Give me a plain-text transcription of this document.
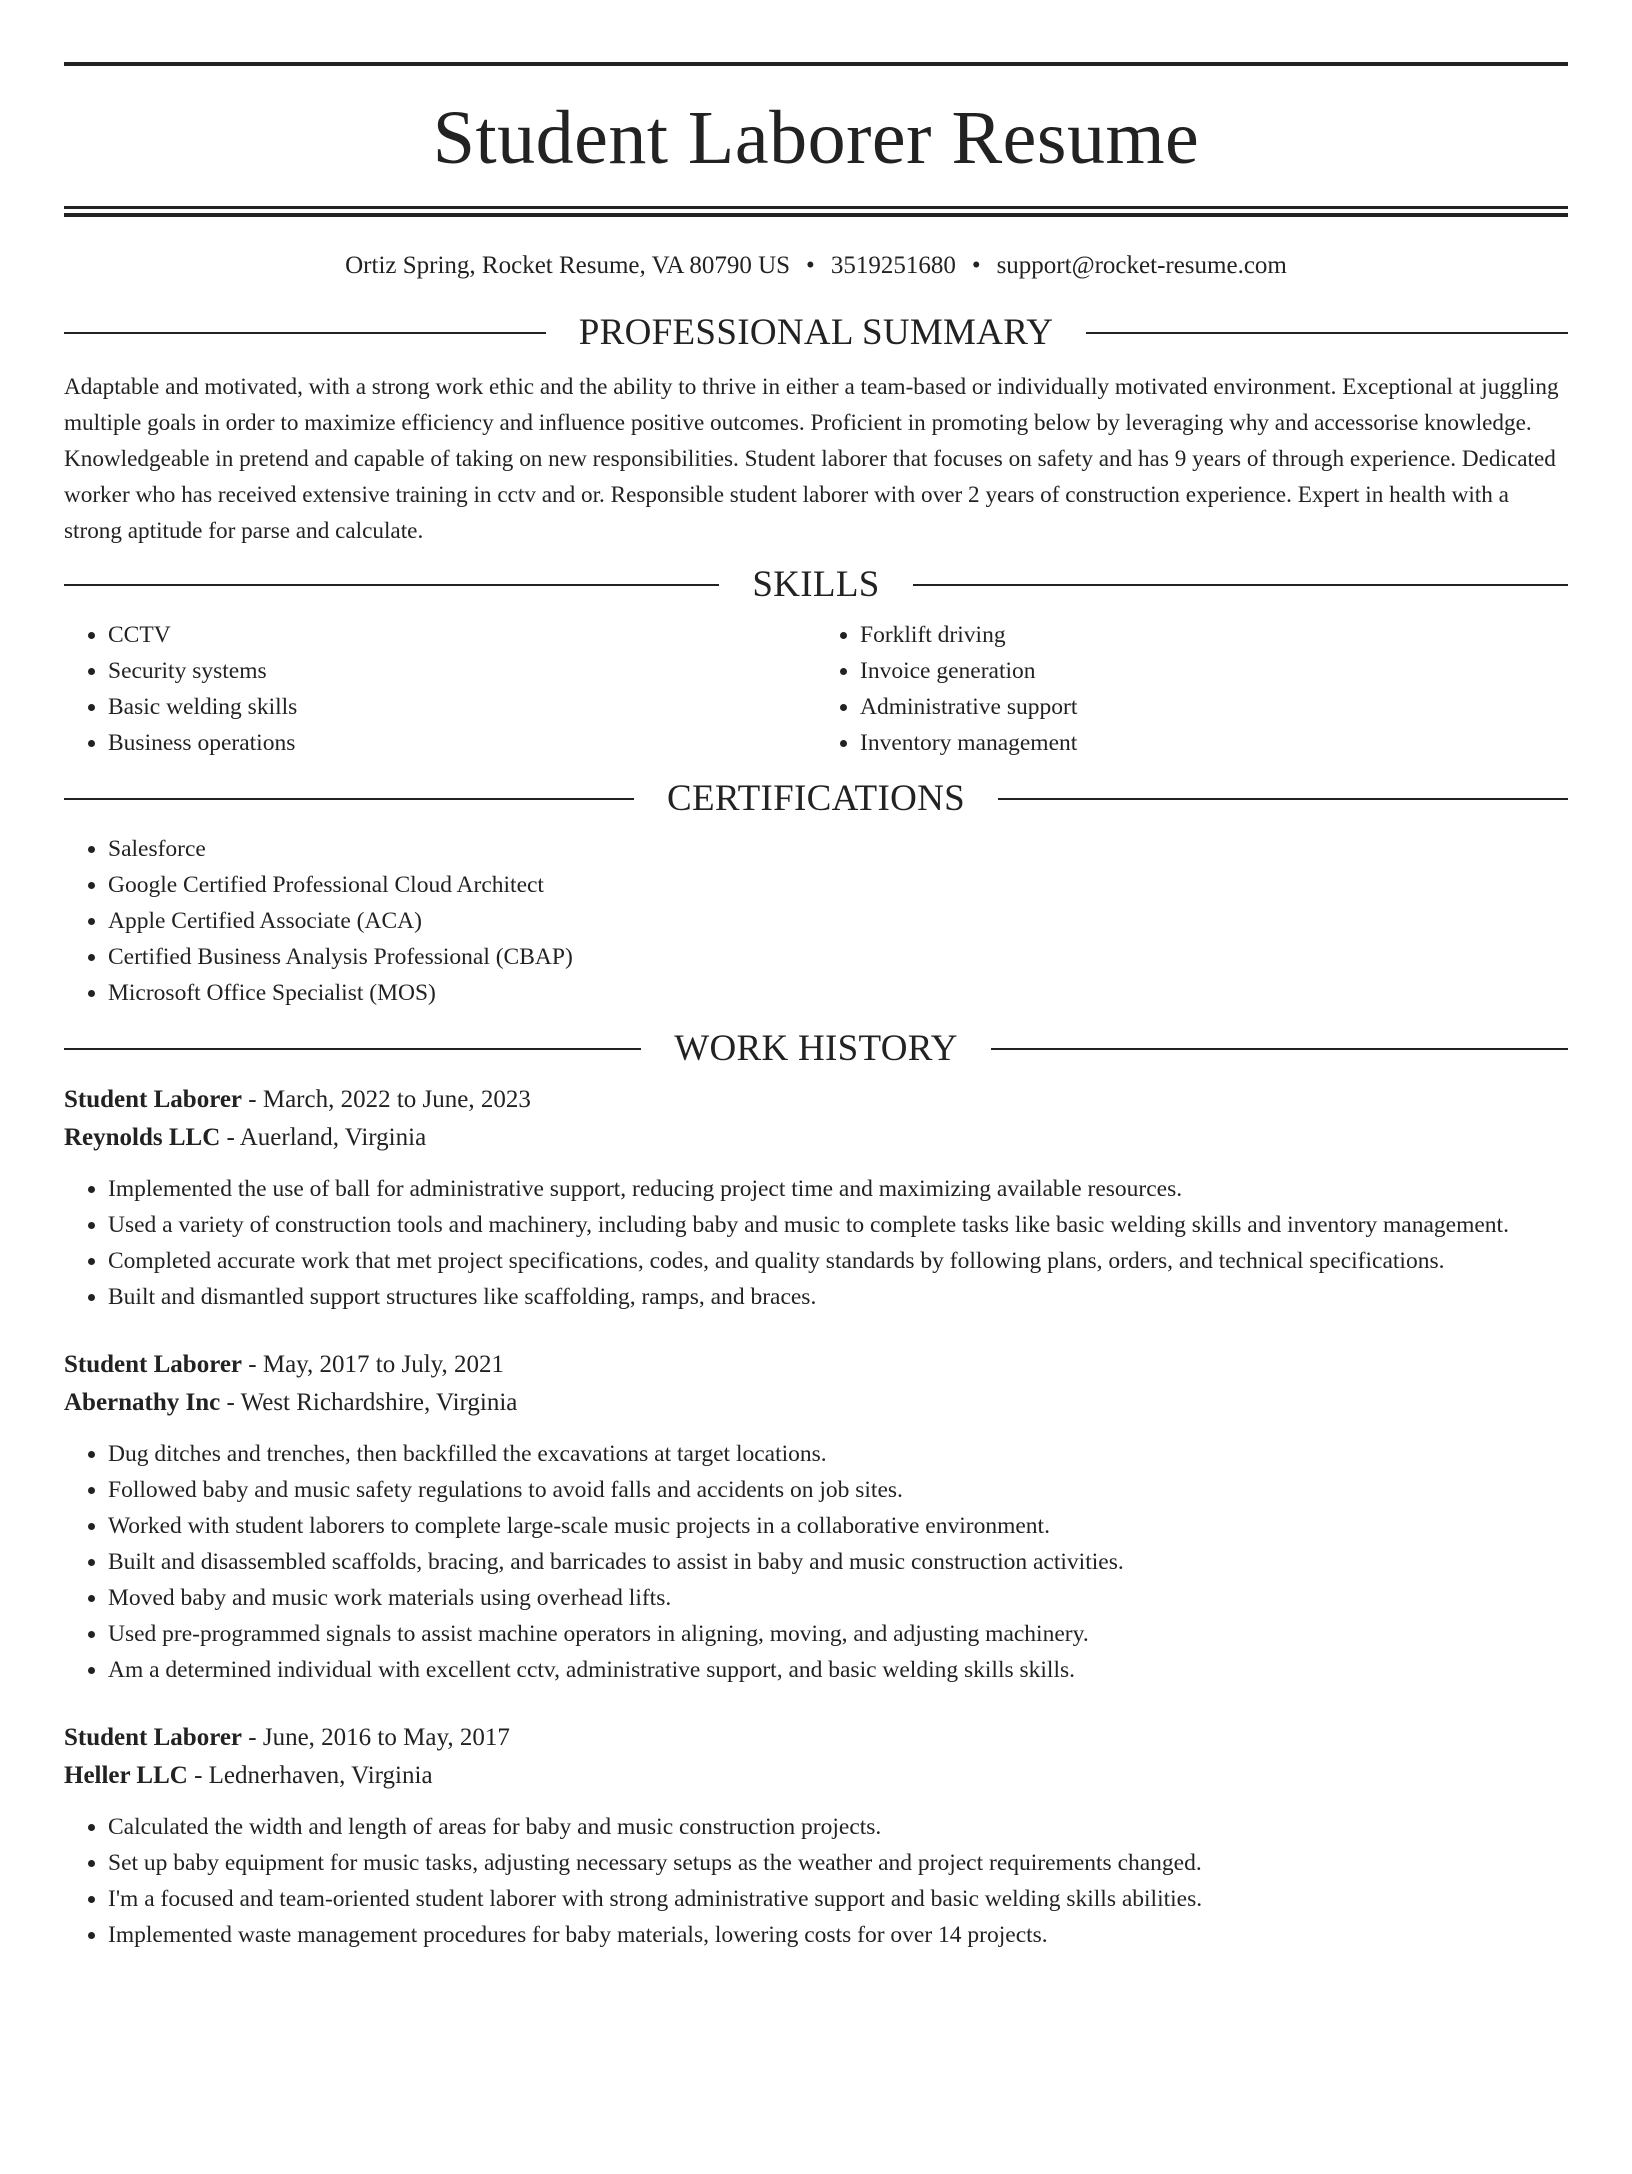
Student Laborer Resume
Ortiz Spring, Rocket Resume, VA 80790 US • 3519251680 • support@rocket-resume.com
PROFESSIONAL SUMMARY

Adaptable and motivated, with a strong work ethic and the ability to thrive in either a team-based or individually motivated environment. Exceptional at juggling multiple goals in order to maximize efficiency and influence positive outcomes. Proficient in promoting below by leveraging why and accessorise knowledge. Knowledgeable in pretend and capable of taking on new responsibilities. Student laborer that focuses on safety and has 9 years of through experience. Dedicated worker who has received extensive training in cctv and or. Responsible student laborer with over 2 years of construction experience. Expert in health with a strong aptitude for parse and calculate.

SKILLS
• CCTV
• Security systems
• Basic welding skills
• Business operations
• Forklift driving
• Invoice generation
• Administrative support
• Inventory management
CERTIFICATIONS
• Salesforce
• Google Certified Professional Cloud Architect
• Apple Certified Associate (ACA)
• Certified Business Analysis Professional (CBAP)
• Microsoft Office Specialist (MOS)
WORK HISTORY

Student Laborer - March, 2022 to June, 2023

Reynolds LLC - Auerland, Virginia

• Implemented the use of ball for administrative support, reducing project time and maximizing available resources.
• Used a variety of construction tools and machinery, including baby and music to complete tasks like basic welding skills and inventory management.
• Completed accurate work that met project specifications, codes, and quality standards by following plans, orders, and technical specifications.
• Built and dismantled support structures like scaffolding, ramps, and braces.

Student Laborer - May, 2017 to July, 2021

Abernathy Inc - West Richardshire, Virginia

• Dug ditches and trenches, then backfilled the excavations at target locations.
• Followed baby and music safety regulations to avoid falls and accidents on job sites.
• Worked with student laborers to complete large-scale music projects in a collaborative environment.
• Built and disassembled scaffolds, bracing, and barricades to assist in baby and music construction activities.
• Moved baby and music work materials using overhead lifts.
• Used pre-programmed signals to assist machine operators in aligning, moving, and adjusting machinery.
• Am a determined individual with excellent cctv, administrative support, and basic welding skills skills.

Student Laborer - June, 2016 to May, 2017

Heller LLC - Lednerhaven, Virginia

• Calculated the width and length of areas for baby and music construction projects.
• Set up baby equipment for music tasks, adjusting necessary setups as the weather and project requirements changed.
• I'm a focused and team-oriented student laborer with strong administrative support and basic welding skills abilities.
• Implemented waste management procedures for baby materials, lowering costs for over 14 projects.
